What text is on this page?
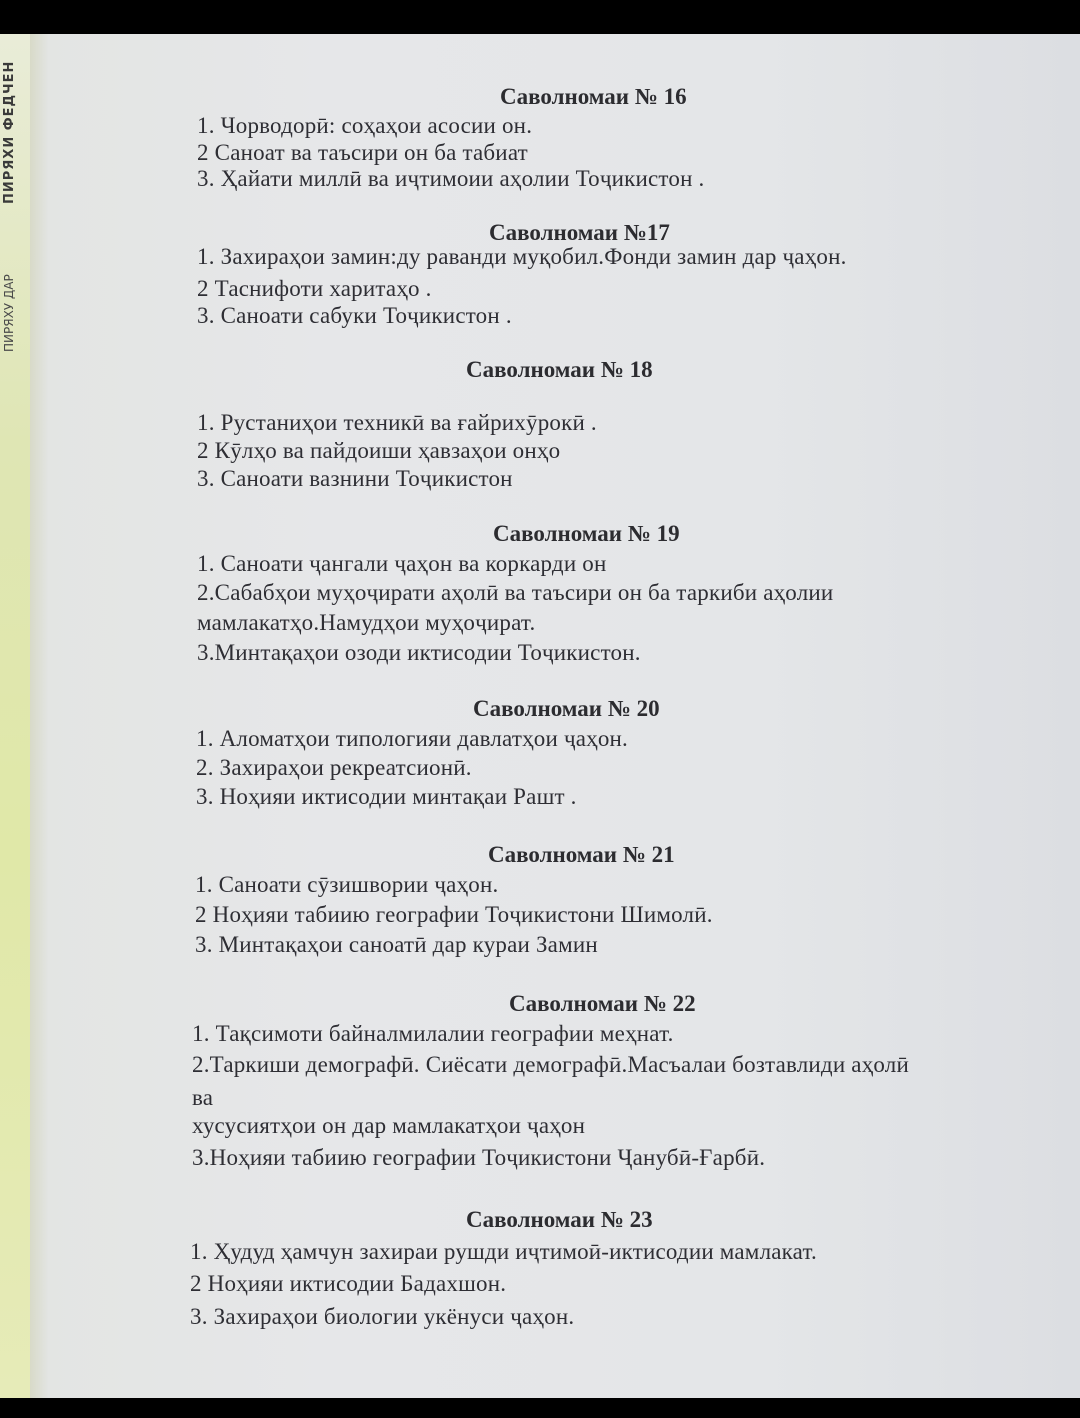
ПИРЯХИ ФЕДЧЕН
ПИРЯХУ ДАР
Саволномаи № 16
1. Чорводорӣ: соҳаҳои асосии он.
2 Саноат ва таъсири он ба табиат
3. Ҳайати миллӣ ва иҷтимоии аҳолии Тоҷикистон .
Саволномаи №17
1. Захираҳои замин:ду раванди муқобил.Фонди замин дар ҷаҳон.
2 Таснифоти харитаҳо .
3. Саноати сабуки Тоҷикистон .
Саволномаи № 18
1. Рустаниҳои техникӣ ва ғайрихӯрокӣ .
2 Кӯлҳо ва пайдоиши ҳавзаҳои онҳо
3. Саноати вазнини Тоҷикистон
Саволномаи № 19
1. Саноати ҷангали ҷаҳон ва коркарди он
2.Сабабҳои муҳоҷирати аҳолӣ ва таъсири он ба таркиби аҳолии
мамлакатҳо.Намудҳои муҳоҷират.
3.Минтақаҳои озоди иктисодии Тоҷикистон.
Саволномаи № 20
1. Аломатҳои типологияи давлатҳои ҷаҳон.
2. Захираҳои рекреатсионӣ.
3. Ноҳияи иктисодии минтақаи Рашт .
Саволномаи № 21
1. Саноати сӯзишвории ҷаҳон.
2 Ноҳияи табиию географии Тоҷикистони Шимолӣ.
3. Минтақаҳои саноатӣ дар кураи Замин
Саволномаи № 22
1. Тақсимоти байналмилалии географии меҳнат.
2.Таркиши демографӣ. Сиёсати демографӣ.Масъалаи бозтавлиди аҳолӣ
ва
хусусиятҳои он дар мамлакатҳои ҷаҳон
3.Ноҳияи табиию географии Тоҷикистони Ҷанубӣ-Ғарбӣ.
Саволномаи № 23
1. Ҳудуд ҳамчун захираи рушди иҷтимоӣ-иктисодии мамлакат.
2 Ноҳияи иктисодии Бадахшон.
3. Захираҳои биологии укёнуси ҷаҳон.
